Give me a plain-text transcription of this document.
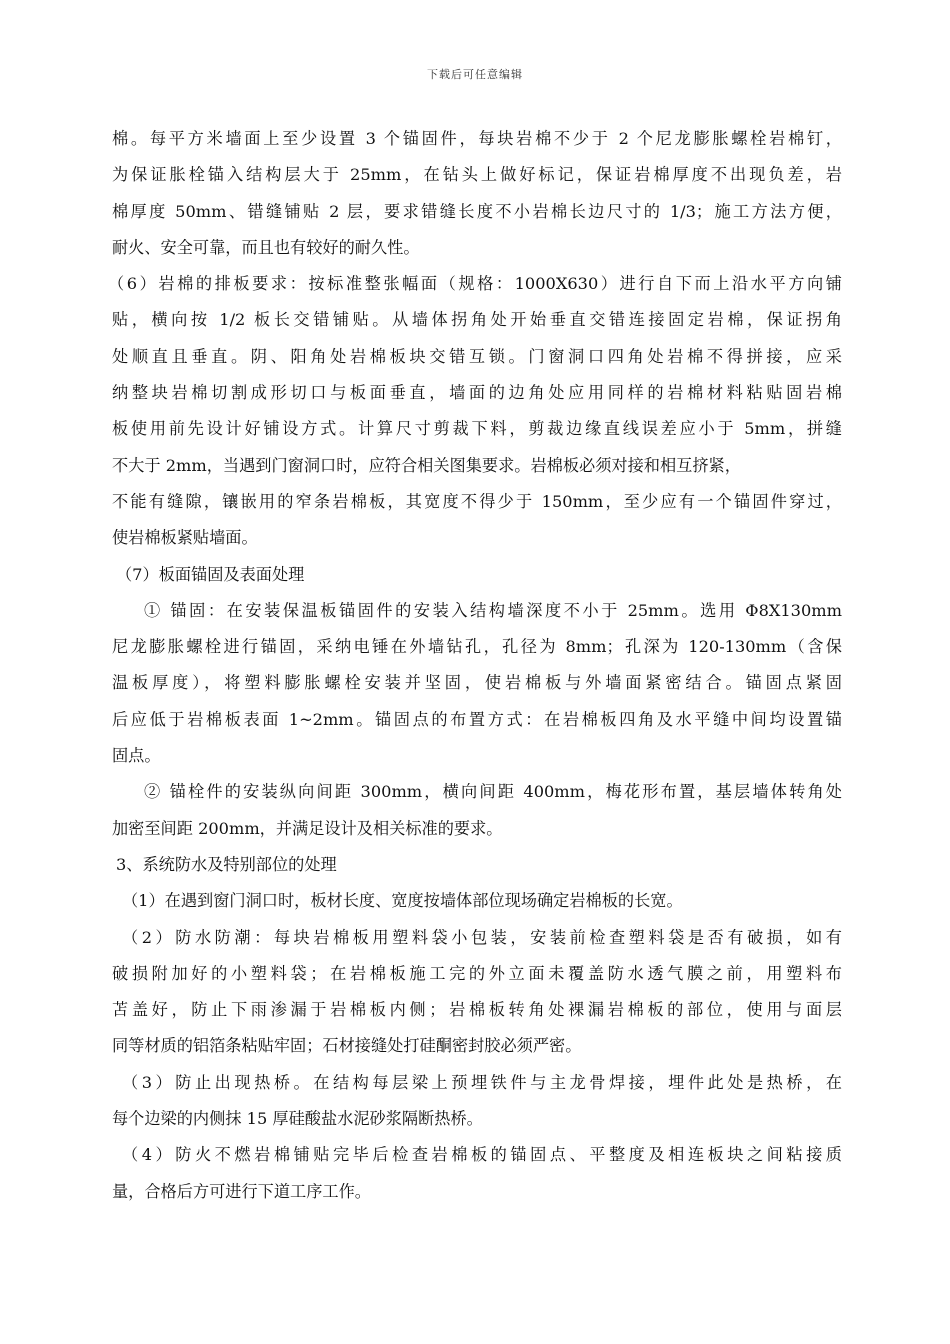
下载后可任意编辑
棉。每平方米墙面上至少设置 3 个锚固件，每块岩棉不少于 2 个尼龙膨胀螺栓岩棉钉，
为保证胀栓锚入结构层大于 25mm，在钻头上做好标记，保证岩棉厚度不出现负差，岩
棉厚度 50mm、错缝铺贴 2 层，要求错缝长度不小岩棉长边尺寸的 1/3；施工方法方便，
耐火、安全可靠，而且也有较好的耐久性。
（6）岩棉的排板要求：按标准整张幅面（规格：1000X630）进行自下而上沿水平方向铺
贴，横向按 1/2 板长交错铺贴。从墙体拐角处开始垂直交错连接固定岩棉，保证拐角
处顺直且垂直。阴、阳角处岩棉板块交错互锁。门窗洞口四角处岩棉不得拼接，应采
纳整块岩棉切割成形切口与板面垂直，墙面的边角处应用同样的岩棉材料粘贴固岩棉
板使用前先设计好铺设方式。计算尺寸剪裁下料，剪裁边缘直线误差应小于 5mm，拼缝
不大于 2mm，当遇到门窗洞口时，应符合相关图集要求。岩棉板必须对接和相互挤紧，
不能有缝隙，镶嵌用的窄条岩棉板，其宽度不得少于 150mm，至少应有一个锚固件穿过，
使岩棉板紧贴墙面。
（7）板面锚固及表面处理
① 锚固：在安装保温板锚固件的安装入结构墙深度不小于 25mm。选用 Φ8X130mm
尼龙膨胀螺栓进行锚固，采纳电锤在外墙钻孔，孔径为 8mm；孔深为 120-130mm（含保
温板厚度），将塑料膨胀螺栓安装并坚固，使岩棉板与外墙面紧密结合。锚固点紧固
后应低于岩棉板表面 1~2mm。锚固点的布置方式：在岩棉板四角及水平缝中间均设置锚
固点。
② 锚栓件的安装纵向间距 300mm，横向间距 400mm，梅花形布置，基层墙体转角处
加密至间距 200mm，并满足设计及相关标准的要求。
3、系统防水及特别部位的处理
（1）在遇到窗门洞口时，板材长度、宽度按墙体部位现场确定岩棉板的长宽。
（2）防水防潮：每块岩棉板用塑料袋小包装，安装前检查塑料袋是否有破损，如有
破损附加好的小塑料袋；在岩棉板施工完的外立面未覆盖防水透气膜之前，用塑料布
苫盖好，防止下雨渗漏于岩棉板内侧；岩棉板转角处裸漏岩棉板的部位，使用与面层
同等材质的铝箔条粘贴牢固；石材接缝处打硅酮密封胶必须严密。
（3）防止出现热桥。在结构每层梁上预埋铁件与主龙骨焊接，埋件此处是热桥，在
每个边梁的内侧抹 15 厚硅酸盐水泥砂浆隔断热桥。
（4）防火不燃岩棉铺贴完毕后检查岩棉板的锚固点、平整度及相连板块之间粘接质
量，合格后方可进行下道工序工作。
